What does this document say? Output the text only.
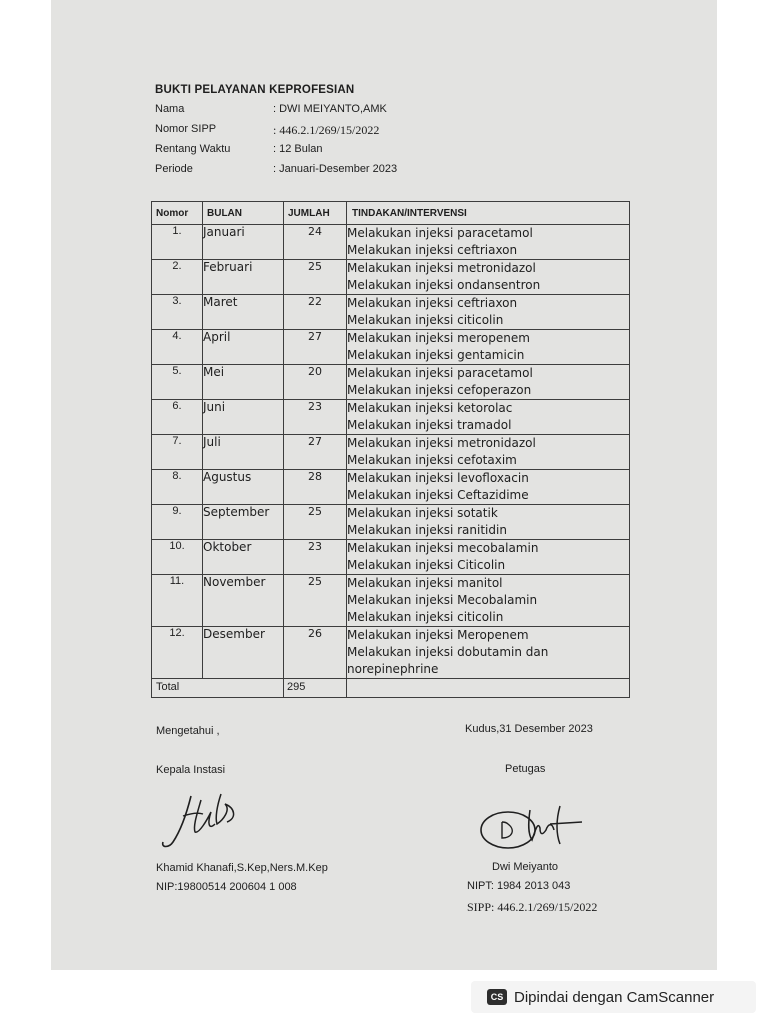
BUKTI PELAYANAN KEPROFESIAN
Nama	: DWI MEIYANTO,AMK
Nomor SIPP	: 446.2.1/269/15/2022
Rentang Waktu	: 12 Bulan
Periode	: Januari-Desember 2023
Nomor	BULAN	JUMLAH	TINDAKAN/INTERVENSI
1.	Januari	24	Melakukan injeksi paracetamol
Melakukan injeksi ceftriaxon

2.	Februari	25	Melakukan injeksi metronidazol
Melakukan injeksi ondansentron

3.	Maret	22	Melakukan injeksi ceftriaxon
Melakukan injeksi citicolin

4.	April	27	Melakukan injeksi meropenem
Melakukan injeksi gentamicin

5.	Mei	20	Melakukan injeksi paracetamol
Melakukan injeksi cefoperazon

6.	Juni	23	Melakukan injeksi ketorolac
Melakukan injeksi tramadol

7.	Juli	27	Melakukan injeksi metronidazol
Melakukan injeksi cefotaxim

8.	Agustus	28	Melakukan injeksi levofloxacin
Melakukan injeksi Ceftazidime

9.	September	25	Melakukan injeksi sotatik
Melakukan injeksi ranitidin

10.	Oktober	23	Melakukan injeksi mecobalamin
Melakukan injeksi Citicolin

11.	November	25	Melakukan injeksi manitol
Melakukan injeksi Mecobalamin
Melakukan injeksi citicolin

12.	Desember	26	Melakukan injeksi Meropenem
Melakukan injeksi dobutamin dan
norepinephrine

Total		295	
Mengetahui ,	Kudus,31 Desember 2023
Kepala Instasi	Petugas
Khamid Khanafi,S.Kep,Ners.M.Kep	Dwi Meiyanto
NIP:19800514 200604 1 008	NIPT: 1984 2013 043
SIPP: 446.2.1/269/15/2022
CS Dipindai dengan CamScanner
